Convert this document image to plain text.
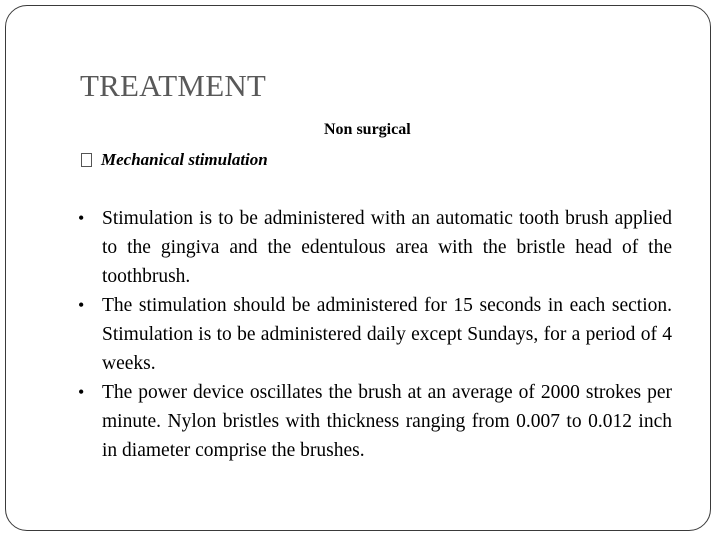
TREATMENT
Non surgical
Mechanical stimulation
• Stimulation is to be administered with an automatic tooth brush applied to the gingiva and the edentulous area with the bristle head of the toothbrush.
• The stimulation should be administered for 15 seconds in each section. Stimulation is to be administered daily except Sundays, for a period of 4 weeks.
• The power device oscillates the brush at an average of 2000 strokes per minute. Nylon bristles with thickness ranging from 0.007 to 0.012 inch in diameter comprise the brushes.
